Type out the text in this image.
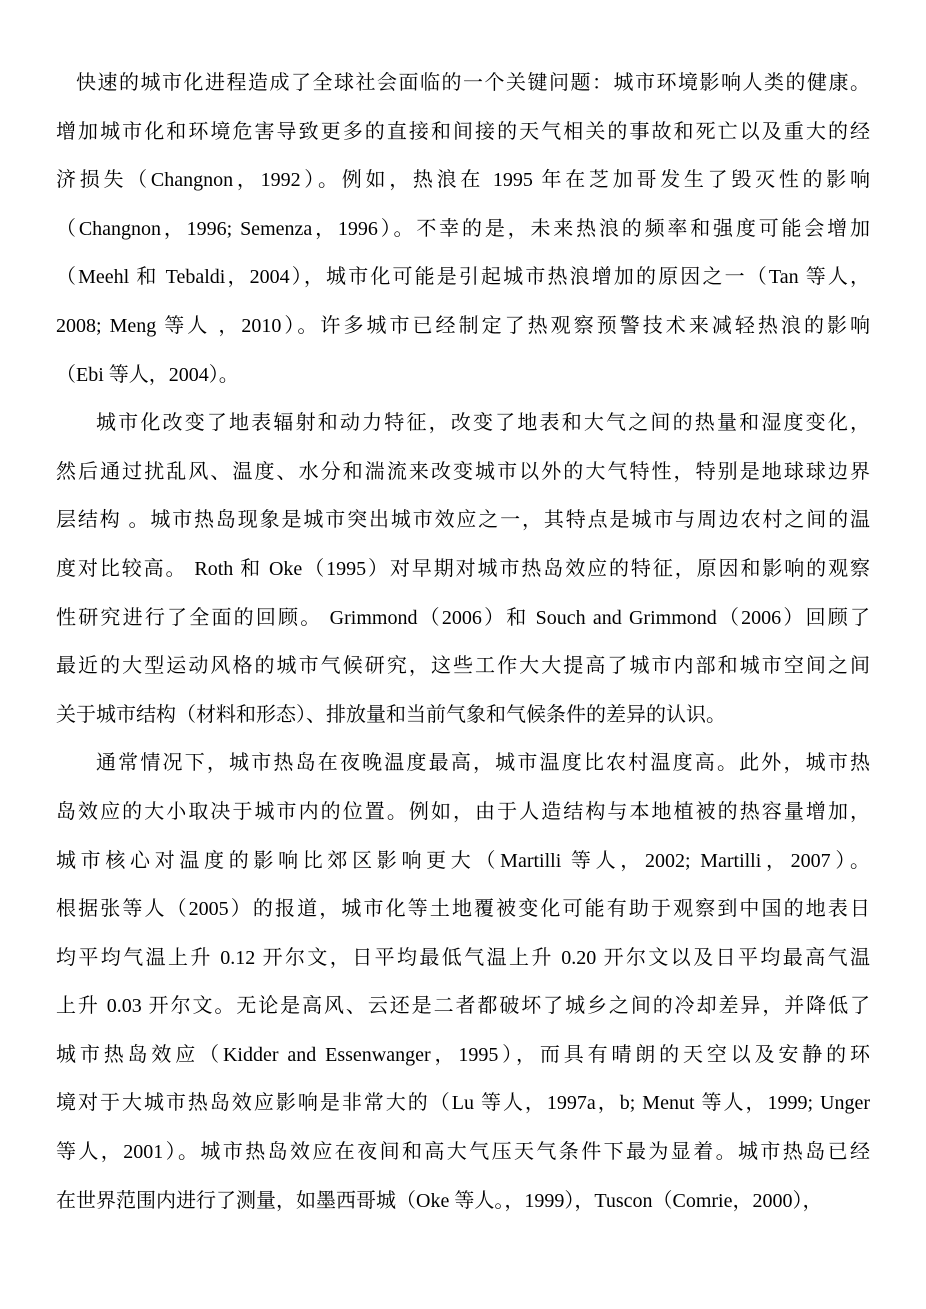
快速的城市化进程造成了全球社会面临的一个关键问题：城市环境影响人类的健康。
增加城市化和环境危害导致更多的直接和间接的天气相关的事故和死亡以及重大的经
济损失（Changnon，1992）。例如，热浪在 1995 年在芝加哥发生了毁灭性的影响
（Changnon，1996; Semenza，1996）。不幸的是，未来热浪的频率和强度可能会增加
（Meehl 和 Tebaldi，2004），城市化可能是引起城市热浪增加的原因之一（Tan 等人，
2008; Meng 等人 ，2010）。许多城市已经制定了热观察预警技术来减轻热浪的影响
（Ebi 等人，2004）。
城市化改变了地表辐射和动力特征，改变了地表和大气之间的热量和湿度变化，
然后通过扰乱风、温度、水分和湍流来改变城市以外的大气特性，特别是地球球边界
层结构 。城市热岛现象是城市突出城市效应之一，其特点是城市与周边农村之间的温
度对比较高。 Roth 和 Oke（1995）对早期对城市热岛效应的特征，原因和影响的观察
性研究进行了全面的回顾。 Grimmond（2006）和 Souch and Grimmond（2006）回顾了
最近的大型运动风格的城市气候研究，这些工作大大提高了城市内部和城市空间之间
关于城市结构（材料和形态）、排放量和当前气象和气候条件的差异的认识。
通常情况下，城市热岛在夜晚温度最高，城市温度比农村温度高。此外，城市热
岛效应的大小取决于城市内的位置。例如，由于人造结构与本地植被的热容量增加，
城市核心对温度的影响比郊区影响更大（Martilli 等人，2002; Martilli，2007）。
根据张等人（2005）的报道，城市化等土地覆被变化可能有助于观察到中国的地表日
均平均气温上升 0.12 开尔文，日平均最低气温上升 0.20 开尔文以及日平均最高气温
上升 0.03 开尔文。无论是高风、云还是二者都破坏了城乡之间的冷却差异，并降低了
城市热岛效应（Kidder and Essenwanger，1995），而具有晴朗的天空以及安静的环
境对于大城市热岛效应影响是非常大的（Lu 等人，1997a，b; Menut 等人，1999; Unger
等人，2001）。城市热岛效应在夜间和高大气压天气条件下最为显着。城市热岛已经
在世界范围内进行了测量，如墨西哥城（Oke 等人。，1999），Tuscon（Comrie，2000），
